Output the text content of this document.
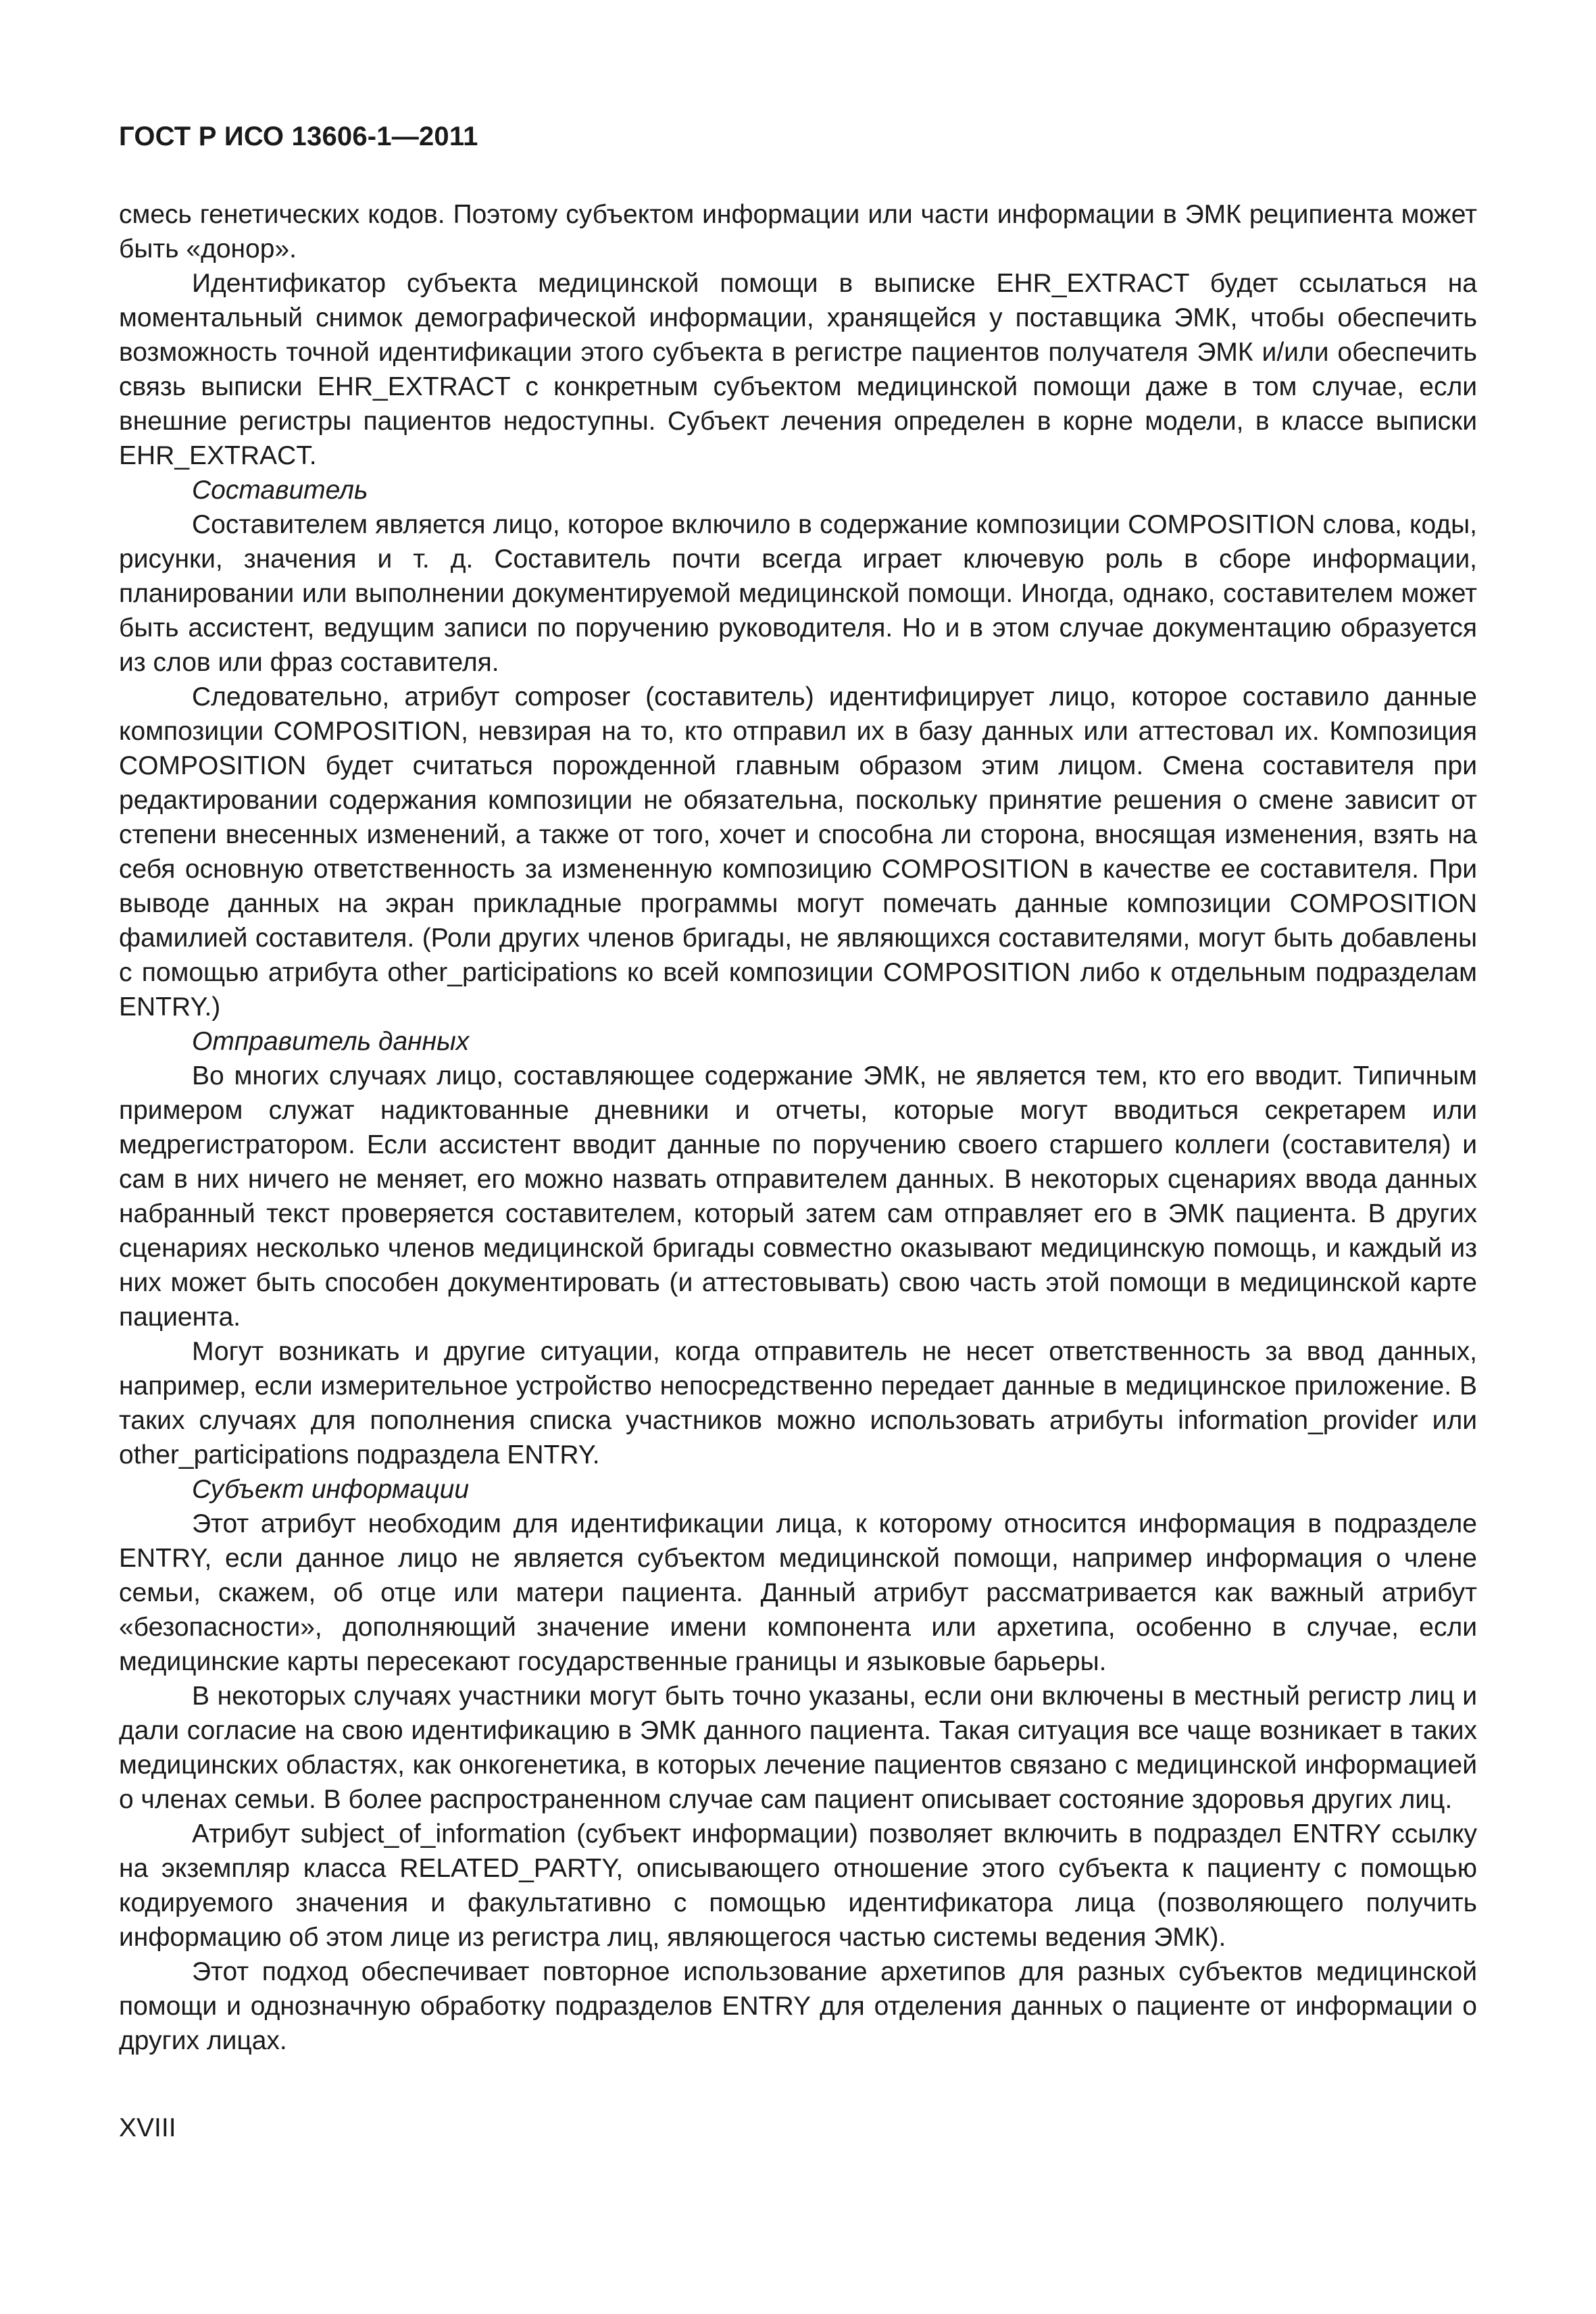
ГОСТ Р ИСО 13606-1—2011

смесь генетических кодов. Поэтому субъектом информации или части информации в ЭМК реципиента может быть «донор».

Идентификатор субъекта медицинской помощи в выписке EHR_EXTRACT будет ссылаться на моментальный снимок демографической информации, хранящейся у поставщика ЭМК, чтобы обеспечить возможность точной идентификации этого субъекта в регистре пациентов получателя ЭМК и/или обеспечить связь выписки EHR_EXTRACT с конкретным субъектом медицинской помощи даже в том случае, если внешние регистры пациентов недоступны. Субъект лечения определен в корне модели, в классе выписки EHR_EXTRACT.

Составитель

Составителем является лицо, которое включило в содержание композиции COMPOSITION слова, коды, рисунки, значения и т. д. Составитель почти всегда играет ключевую роль в сборе информации, планировании или выполнении документируемой медицинской помощи. Иногда, однако, составителем может быть ассистент, ведущим записи по поручению руководителя. Но и в этом случае документацию образуется из слов или фраз составителя.

Следовательно, атрибут composer (составитель) идентифицирует лицо, которое составило данные композиции COMPOSITION, невзирая на то, кто отправил их в базу данных или аттестовал их. Композиция COMPOSITION будет считаться порожденной главным образом этим лицом. Смена составителя при редактировании содержания композиции не обязательна, поскольку принятие решения о смене зависит от степени внесенных изменений, а также от того, хочет и способна ли сторона, вносящая изменения, взять на себя основную ответственность за измененную композицию COMPOSITION в качестве ее составителя. При выводе данных на экран прикладные программы могут помечать данные композиции COMPOSITION фамилией составителя. (Роли других членов бригады, не являющихся составителями, могут быть добавлены с помощью атрибута other_participations ко всей композиции COMPOSITION либо к отдельным подразделам ENTRY.)

Отправитель данных

Во многих случаях лицо, составляющее содержание ЭМК, не является тем, кто его вводит. Типичным примером служат надиктованные дневники и отчеты, которые могут вводиться секретарем или медрегистратором. Если ассистент вводит данные по поручению своего старшего коллеги (составителя) и сам в них ничего не меняет, его можно назвать отправителем данных. В некоторых сценариях ввода данных набранный текст проверяется составителем, который затем сам отправляет его в ЭМК пациента. В других сценариях несколько членов медицинской бригады совместно оказывают медицинскую помощь, и каждый из них может быть способен документировать (и аттестовывать) свою часть этой помощи в медицинской карте пациента.

Могут возникать и другие ситуации, когда отправитель не несет ответственность за ввод данных, например, если измерительное устройство непосредственно передает данные в медицинское приложение. В таких случаях для пополнения списка участников можно использовать атрибуты information_provider или other_participations подраздела ENTRY.

Субъект информации

Этот атрибут необходим для идентификации лица, к которому относится информация в подразделе ENTRY, если данное лицо не является субъектом медицинской помощи, например информация о члене семьи, скажем, об отце или матери пациента. Данный атрибут рассматривается как важный атрибут «безопасности», дополняющий значение имени компонента или архетипа, особенно в случае, если медицинские карты пересекают государственные границы и языковые барьеры.

В некоторых случаях участники могут быть точно указаны, если они включены в местный регистр лиц и дали согласие на свою идентификацию в ЭМК данного пациента. Такая ситуация все чаще возникает в таких медицинских областях, как онкогенетика, в которых лечение пациентов связано с медицинской информацией о членах семьи. В более распространенном случае сам пациент описывает состояние здоровья других лиц.

Атрибут subject_of_information (субъект информации) позволяет включить в подраздел ENTRY ссылку на экземпляр класса RELATED_PARTY, описывающего отношение этого субъекта к пациенту с помощью кодируемого значения и факультативно с помощью идентификатора лица (позволяющего получить информацию об этом лице из регистра лиц, являющегося частью системы ведения ЭМК).

Этот подход обеспечивает повторное использование архетипов для разных субъектов медицинской помощи и однозначную обработку подразделов ENTRY для отделения данных о пациенте от информации о других лицах.

XVIII
